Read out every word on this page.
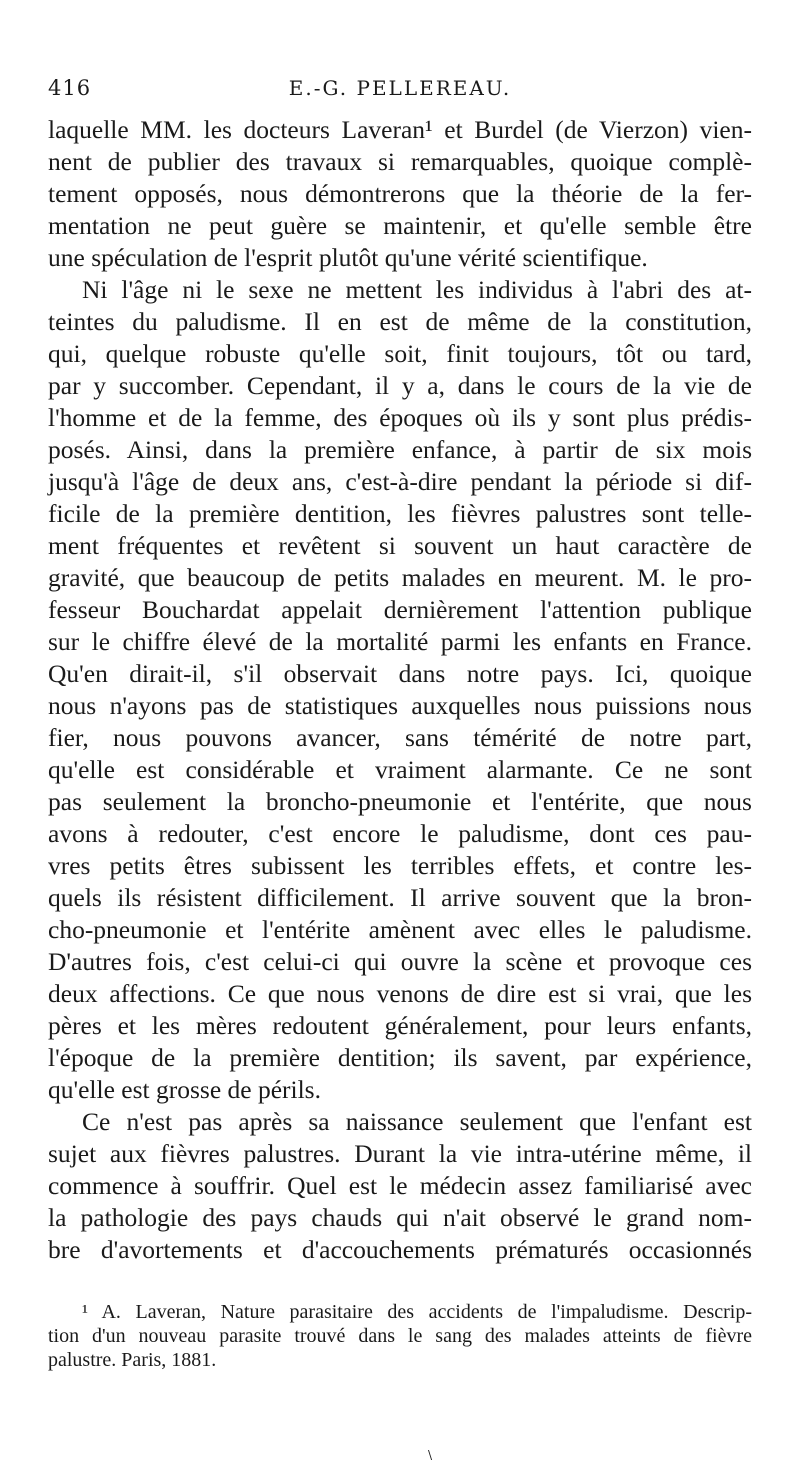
416	E.-G. PELLEREAU.
laquelle MM. les docteurs Laveran¹ et Burdel (de Vierzon) vien-
nent de publier des travaux si remarquables, quoique complè-
tement opposés, nous démontrerons que la théorie de la fer-
mentation ne peut guère se maintenir, et qu'elle semble être
une spéculation de l'esprit plutôt qu'une vérité scientifique.
Ni l'âge ni le sexe ne mettent les individus à l'abri des at-
teintes du paludisme. Il en est de même de la constitution,
qui, quelque robuste qu'elle soit, finit toujours, tôt ou tard,
par y succomber. Cependant, il y a, dans le cours de la vie de
l'homme et de la femme, des époques où ils y sont plus prédis-
posés. Ainsi, dans la première enfance, à partir de six mois
jusqu'à l'âge de deux ans, c'est-à-dire pendant la période si dif-
ficile de la première dentition, les fièvres palustres sont telle-
ment fréquentes et revêtent si souvent un haut caractère de
gravité, que beaucoup de petits malades en meurent. M. le pro-
fesseur Bouchardat appelait dernièrement l'attention publique
sur le chiffre élevé de la mortalité parmi les enfants en France.
Qu'en dirait-il, s'il observait dans notre pays. Ici, quoique
nous n'ayons pas de statistiques auxquelles nous puissions nous
fier, nous pouvons avancer, sans témérité de notre part,
qu'elle est considérable et vraiment alarmante. Ce ne sont
pas seulement la broncho-pneumonie et l'entérite, que nous
avons à redouter, c'est encore le paludisme, dont ces pau-
vres petits êtres subissent les terribles effets, et contre les-
quels ils résistent difficilement. Il arrive souvent que la bron-
cho-pneumonie et l'entérite amènent avec elles le paludisme.
D'autres fois, c'est celui-ci qui ouvre la scène et provoque ces
deux affections. Ce que nous venons de dire est si vrai, que les
pères et les mères redoutent généralement, pour leurs enfants,
l'époque de la première dentition; ils savent, par expérience,
qu'elle est grosse de périls.
Ce n'est pas après sa naissance seulement que l'enfant est
sujet aux fièvres palustres. Durant la vie intra-utérine même, il
commence à souffrir. Quel est le médecin assez familiarisé avec
la pathologie des pays chauds qui n'ait observé le grand nom-
bre d'avortements et d'accouchements prématurés occasionnés
¹ A. Laveran, Nature parasitaire des accidents de l'impaludisme. Descrip-
tion d'un nouveau parasite trouvé dans le sang des malades atteints de fièvre
palustre. Paris, 1881.
\
